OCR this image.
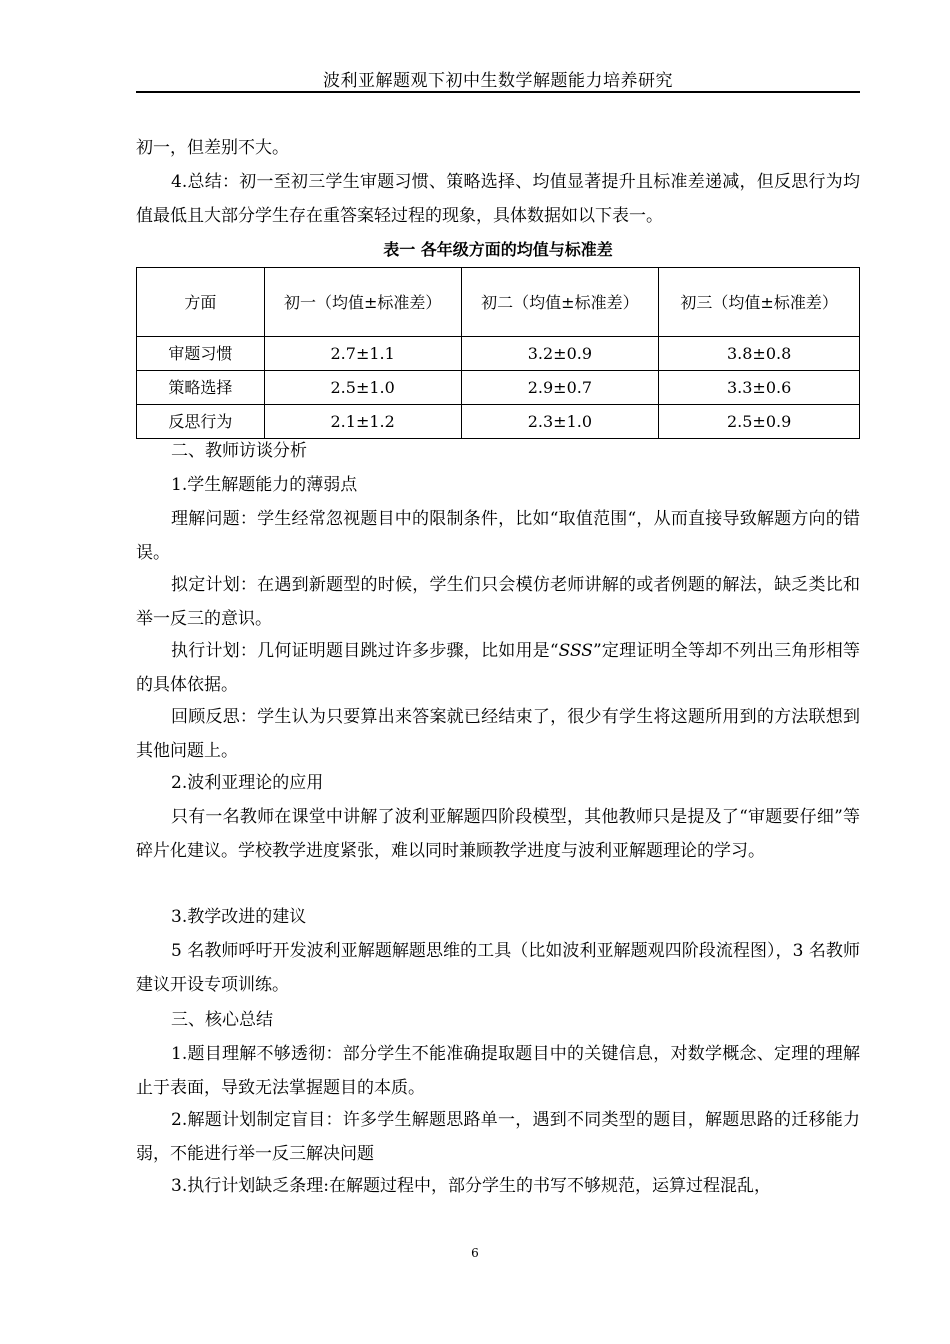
波利亚解题观下初中生数学解题能力培养研究

初一，但差别不大。

4.总结：初一至初三学生审题习惯、策略选择、均值显著提升且标准差递减，但反思行为均值最低且大部分学生存在重答案轻过程的现象，具体数据如以下表一。

表一 各年级方面的均值与标准差
方面	初一（均值±标准差）	初二（均值±标准差）	初三（均值±标准差）
审题习惯	2.7±1.1	3.2±0.9	3.8±0.8
策略选择	2.5±1.0	2.9±0.7	3.3±0.6
反思行为	2.1±1.2	2.3±1.0	2.5±0.9

二、教师访谈分析

1.学生解题能力的薄弱点

理解问题：学生经常忽视题目中的限制条件，比如“取值范围“，从而直接导致解题方向的错误。

拟定计划：在遇到新题型的时候，学生们只会模仿老师讲解的或者例题的解法，缺乏类比和举一反三的意识。

执行计划：几何证明题目跳过许多步骤，比如用是“SSS”定理证明全等却不列出三角形相等的具体依据。

回顾反思：学生认为只要算出来答案就已经结束了，很少有学生将这题所用到的方法联想到其他问题上。

2.波利亚理论的应用

只有一名教师在课堂中讲解了波利亚解题四阶段模型，其他教师只是提及了“审题要仔细”等碎片化建议。学校教学进度紧张，难以同时兼顾教学进度与波利亚解题理论的学习。

3.教学改进的建议

5 名教师呼吁开发波利亚解题解题思维的工具（比如波利亚解题观四阶段流程图），3 名教师建议开设专项训练。

三、核心总结

1.题目理解不够透彻：部分学生不能准确提取题目中的关键信息，对数学概念、定理的理解止于表面，导致无法掌握题目的本质。

2.解题计划制定盲目：许多学生解题思路单一，遇到不同类型的题目，解题思路的迁移能力弱，不能进行举一反三解决问题

3.执行计划缺乏条理:在解题过程中，部分学生的书写不够规范，运算过程混乱，

6
